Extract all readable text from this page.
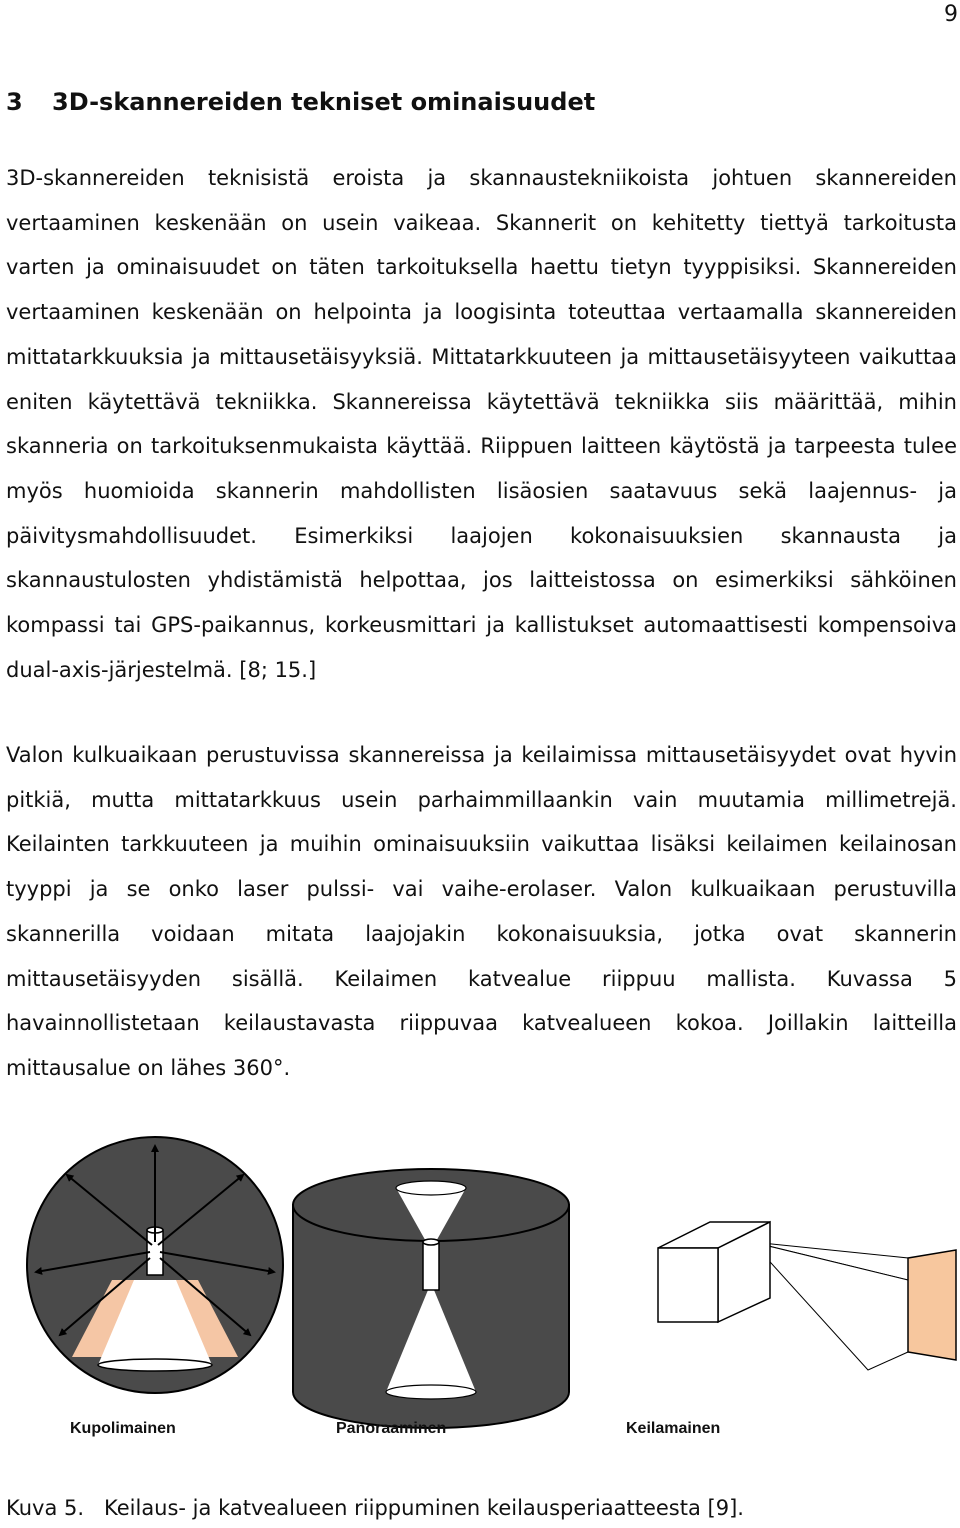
9
3 3D-skannereiden tekniset ominaisuudet

3D-skannereiden teknisistä eroista ja skannaustekniikoista johtuen skannereiden vertaaminen keskenään on usein vaikeaa. Skannerit on kehitetty tiettyä tarkoitusta varten ja ominaisuudet on täten tarkoituksella haettu tietyn tyyppisiksi. Skannereiden vertaaminen keskenään on helpointa ja loogisinta toteuttaa vertaamalla skannereiden mittatarkkuuksia ja mittausetäisyyksiä. Mittatarkkuuteen ja mittausetäisyyteen vaikuttaa eniten käytettävä tekniikka. Skannereissa käytettävä tekniikka siis määrittää, mihin skanneria on tarkoituksenmukaista käyttää. Riippuen laitteen käytöstä ja tarpeesta tulee myös huomioida skannerin mahdollisten lisäosien saatavuus sekä laajennus- ja päivitysmahdollisuudet. Esimerkiksi laajojen kokonaisuuksien skannausta ja skannaustulosten yhdistämistä helpottaa, jos laitteistossa on esimerkiksi sähköinen kompassi tai GPS-paikannus, korkeusmittari ja kallistukset automaattisesti kompensoiva dual-axis-järjestelmä. [8; 15.]

Valon kulkuaikaan perustuvissa skannereissa ja keilaimissa mittausetäisyydet ovat hyvin pitkiä, mutta mittatarkkuus usein parhaimmillaankin vain muutamia millimetrejä. Keilainten tarkkuuteen ja muihin ominaisuuksiin vaikuttaa lisäksi keilaimen keilainosan tyyppi ja se onko laser pulssi- vai vaihe-erolaser. Valon kulkuaikaan perustuvilla skannerilla voidaan mitata laajojakin kokonaisuuksia, jotka ovat skannerin mittausetäisyyden sisällä. Keilaimen katvealue riippuu mallista. Kuvassa 5 havainnollistetaan keilaustavasta riippuvaa katvealueen kokoa. Joillakin laitteilla mittausalue on lähes 360°.

Kupolimainen	Panoraaminen	Keilamainen

Kuva 5. Keilaus- ja katvealueen riippuminen keilausperiaatteesta [9].
